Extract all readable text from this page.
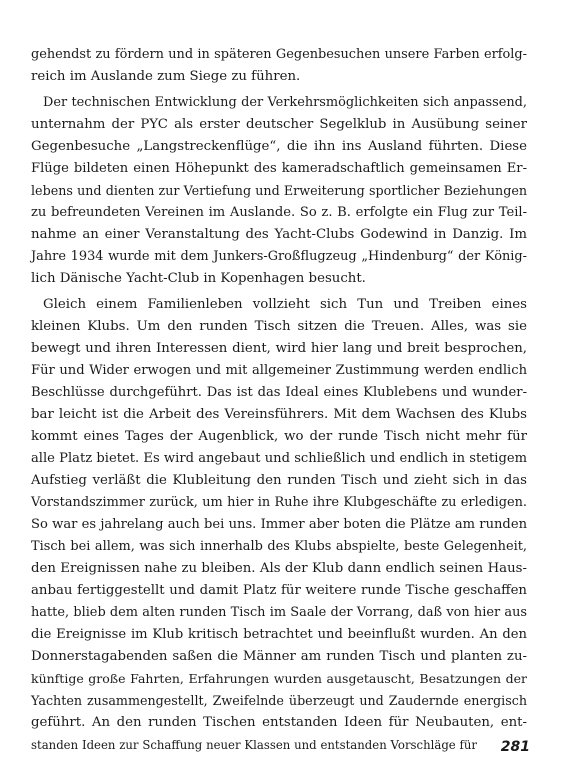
gehendst zu fördern und in späteren Gegenbesuchen unsere Farben erfolg-
reich im Auslande zum Siege zu führen.
Der technischen Entwicklung der Verkehrsmöglichkeiten sich anpassend,
unternahm der PYC als erster deutscher Segelklub in Ausübung seiner
Gegenbesuche „Langstreckenflüge“, die ihn ins Ausland führten. Diese
Flüge bildeten einen Höhepunkt des kameradschaftlich gemeinsamen Er-
lebens und dienten zur Vertiefung und Erweiterung sportlicher Beziehungen
zu befreundeten Vereinen im Auslande. So z. B. erfolgte ein Flug zur Teil-
nahme an einer Veranstaltung des Yacht-Clubs Godewind in Danzig. Im
Jahre 1934 wurde mit dem Junkers-Großflugzeug „Hindenburg“ der König-
lich Dänische Yacht-Club in Kopenhagen besucht.
Gleich einem Familienleben vollzieht sich Tun und Treiben eines
kleinen Klubs. Um den runden Tisch sitzen die Treuen. Alles, was sie
bewegt und ihren Interessen dient, wird hier lang und breit besprochen,
Für und Wider erwogen und mit allgemeiner Zustimmung werden endlich
Beschlüsse durchgeführt. Das ist das Ideal eines Klublebens und wunder-
bar leicht ist die Arbeit des Vereinsführers. Mit dem Wachsen des Klubs
kommt eines Tages der Augenblick, wo der runde Tisch nicht mehr für
alle Platz bietet. Es wird angebaut und schließlich und endlich in stetigem
Aufstieg verläßt die Klubleitung den runden Tisch und zieht sich in das
Vorstandszimmer zurück, um hier in Ruhe ihre Klubgeschäfte zu erledigen.
So war es jahrelang auch bei uns. Immer aber boten die Plätze am runden
Tisch bei allem, was sich innerhalb des Klubs abspielte, beste Gelegenheit,
den Ereignissen nahe zu bleiben. Als der Klub dann endlich seinen Haus-
anbau fertiggestellt und damit Platz für weitere runde Tische geschaffen
hatte, blieb dem alten runden Tisch im Saale der Vorrang, daß von hier aus
die Ereignisse im Klub kritisch betrachtet und beeinflußt wurden. An den
Donnerstagabenden saßen die Männer am runden Tisch und planten zu-
künftige große Fahrten, Erfahrungen wurden ausgetauscht, Besatzungen der
Yachten zusammengestellt, Zweifelnde überzeugt und Zaudernde energisch
geführt. An den runden Tischen entstanden Ideen für Neubauten, ent-
standen Ideen zur Schaffung neuer Klassen und entstanden Vorschläge für	281
